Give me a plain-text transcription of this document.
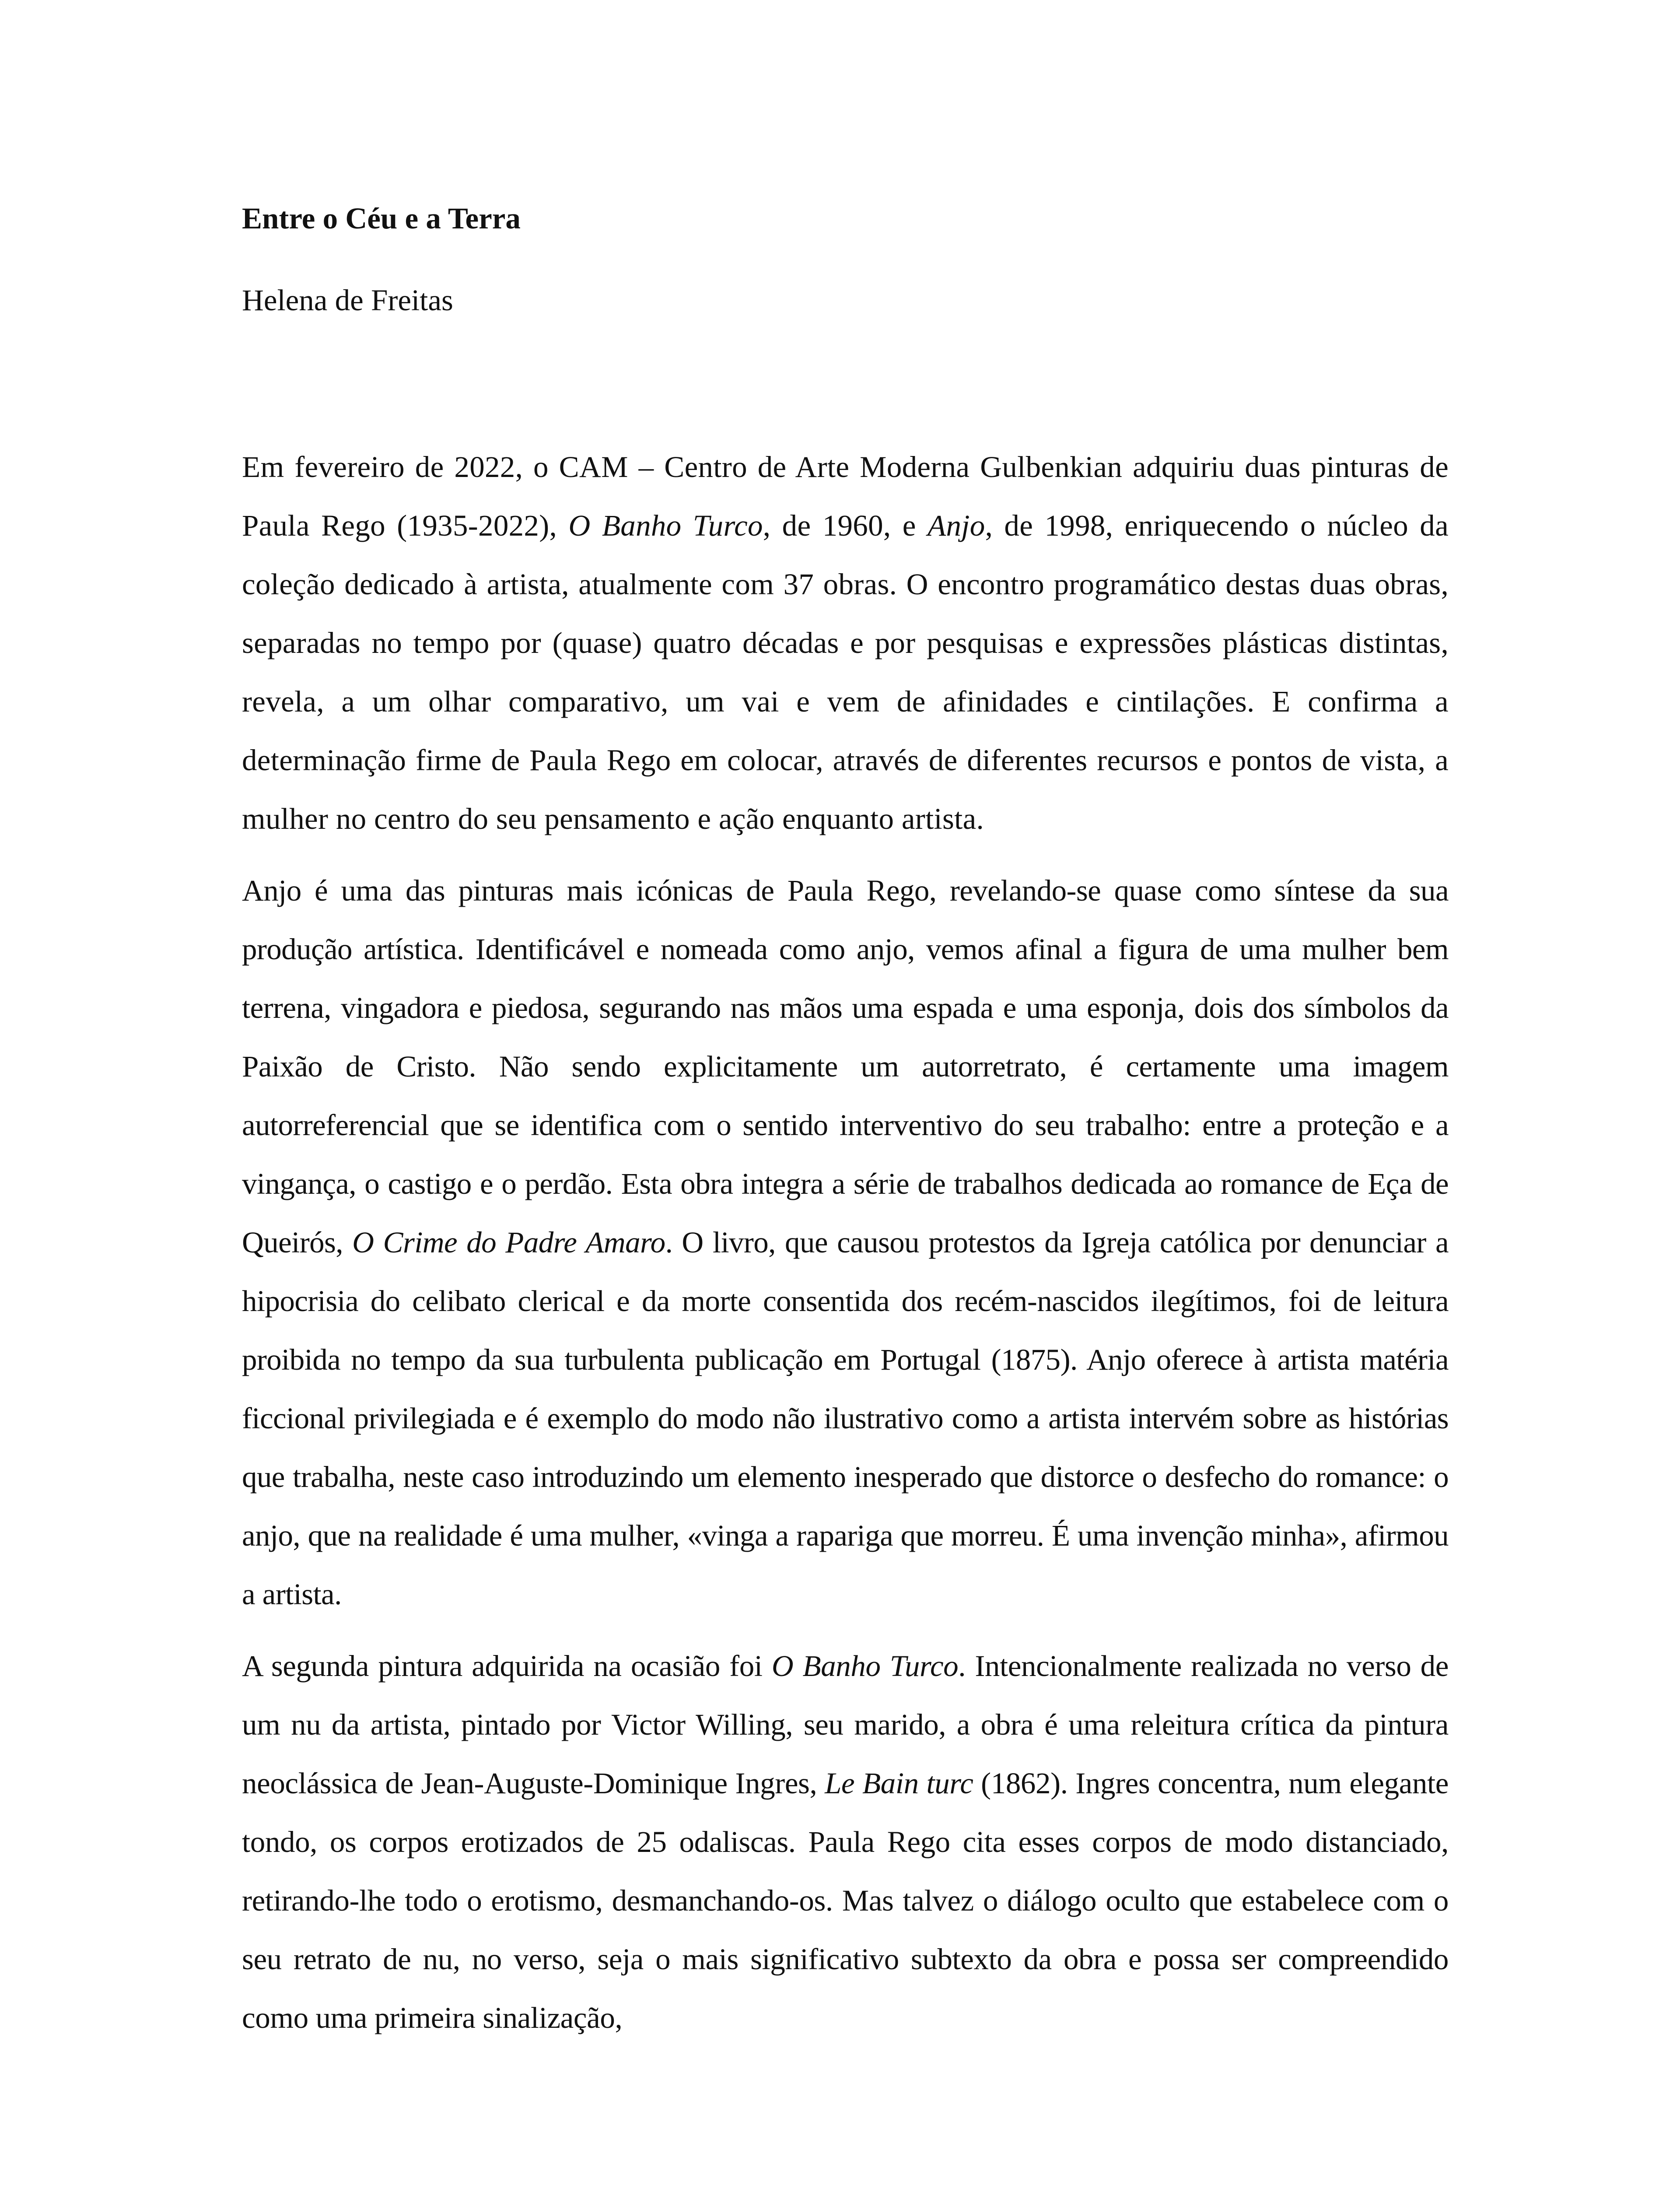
Entre o Céu e a Terra

Helena de Freitas

Em fevereiro de 2022, o CAM – Centro de Arte Moderna Gulbenkian adquiriu duas pinturas de Paula Rego (1935-2022), O Banho Turco, de 1960, e Anjo, de 1998, enriquecendo o núcleo da coleção dedicado à artista, atualmente com 37 obras. O encontro programático destas duas obras, separadas no tempo por (quase) quatro décadas e por pesquisas e expressões plásticas distintas, revela, a um olhar comparativo, um vai e vem de afinidades e cintilações. E confirma a determinação firme de Paula Rego em colocar, através de diferentes recursos e pontos de vista, a mulher no centro do seu pensamento e ação enquanto artista.

Anjo é uma das pinturas mais icónicas de Paula Rego, revelando-se quase como síntese da sua produção artística. Identificável e nomeada como anjo, vemos afinal a figura de uma mulher bem terrena, vingadora e piedosa, segurando nas mãos uma espada e uma esponja, dois dos símbolos da Paixão de Cristo. Não sendo explicitamente um autorretrato, é certamente uma imagem autorreferencial que se identifica com o sentido interventivo do seu trabalho: entre a proteção e a vingança, o castigo e o perdão. Esta obra integra a série de trabalhos dedicada ao romance de Eça de Queirós, O Crime do Padre Amaro. O livro, que causou protestos da Igreja católica por denunciar a hipocrisia do celibato clerical e da morte consentida dos recém-nascidos ilegítimos, foi de leitura proibida no tempo da sua turbulenta publicação em Portugal (1875). Anjo oferece à artista matéria ficcional privilegiada e é exemplo do modo não ilustrativo como a artista intervém sobre as histórias que trabalha, neste caso introduzindo um elemento inesperado que distorce o desfecho do romance: o anjo, que na realidade é uma mulher, «vinga a rapariga que morreu. É uma invenção minha», afirmou a artista.

A segunda pintura adquirida na ocasião foi O Banho Turco. Intencionalmente realizada no verso de um nu da artista, pintado por Victor Willing, seu marido, a obra é uma releitura crítica da pintura neoclássica de Jean-Auguste-Dominique Ingres, Le Bain turc (1862). Ingres concentra, num elegante tondo, os corpos erotizados de 25 odaliscas. Paula Rego cita esses corpos de modo distanciado, retirando-lhe todo o erotismo, desmanchando-os. Mas talvez o diálogo oculto que estabelece com o seu retrato de nu, no verso, seja o mais significativo subtexto da obra e possa ser compreendido como uma primeira sinalização,
